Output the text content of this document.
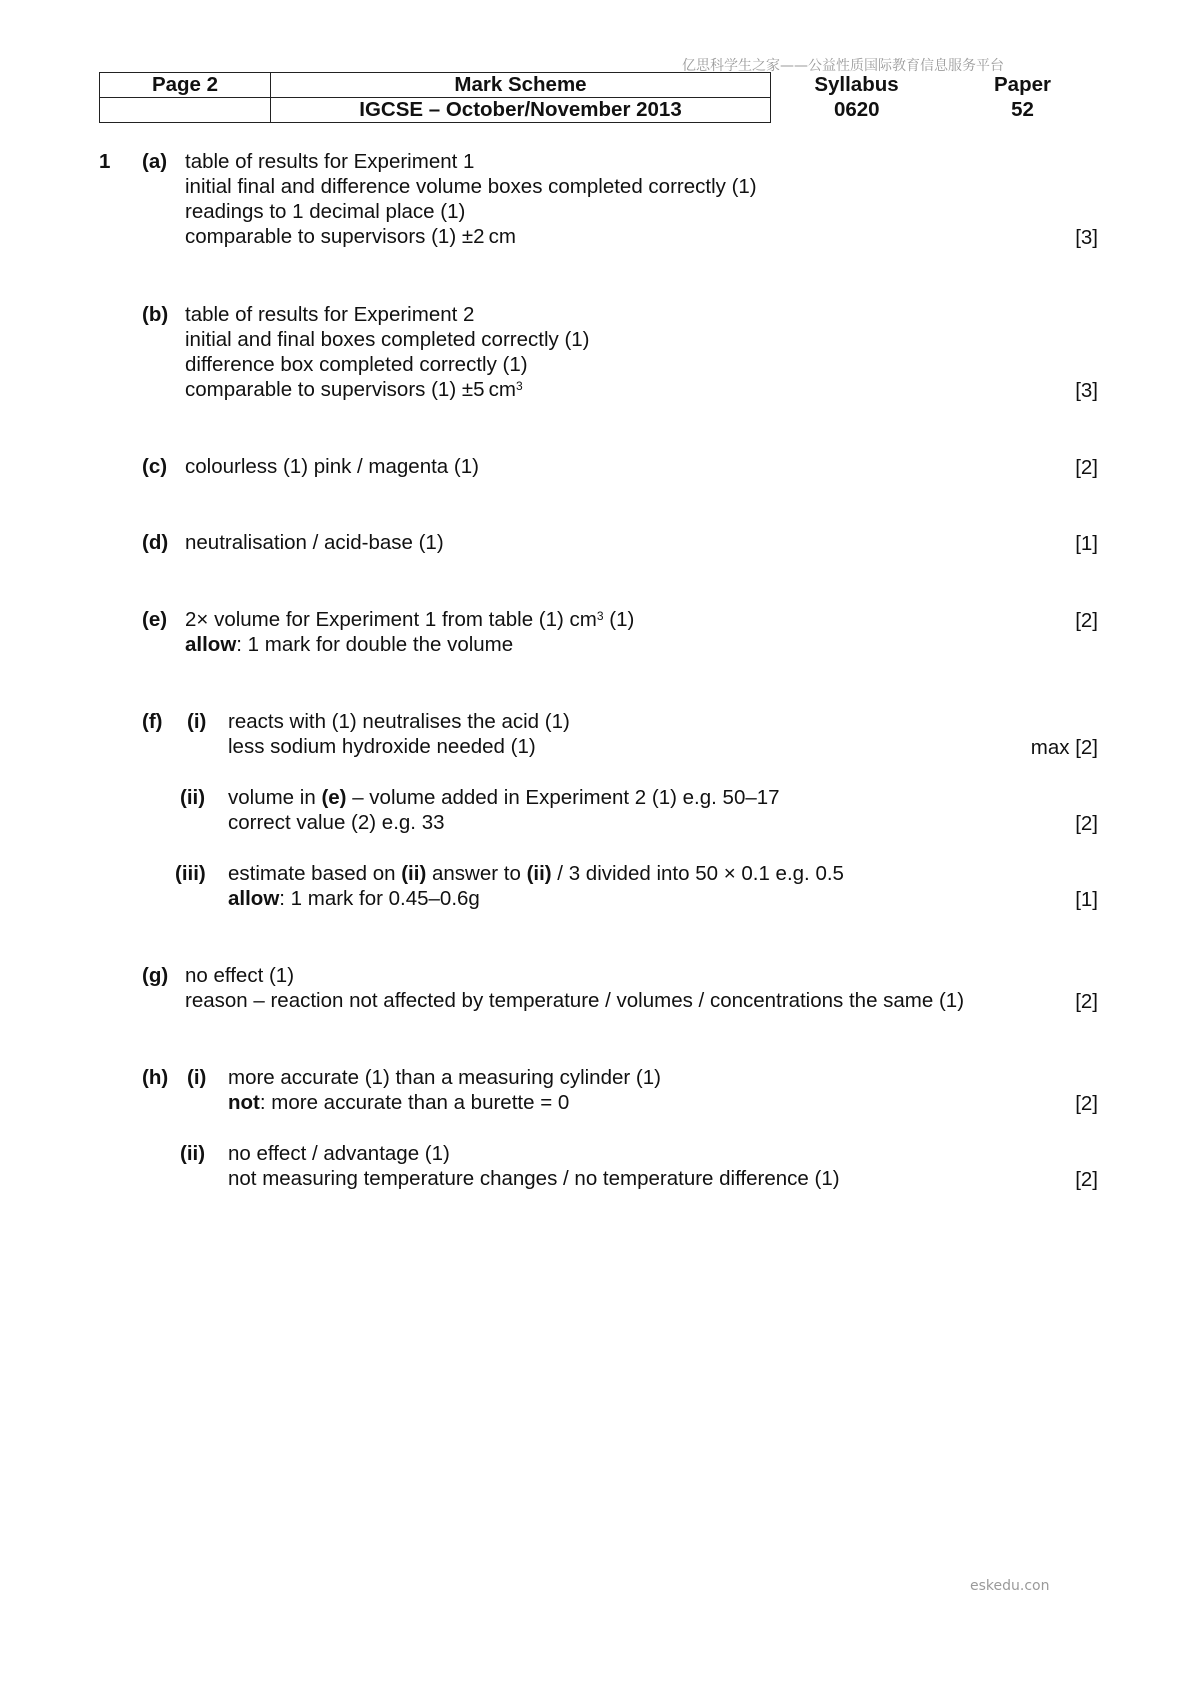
亿思科学生之家——公益性质国际教育信息服务平台
Page 2	Mark Scheme	Syllabus	Paper
	IGCSE – October/November 2013	0620	52
1 (a) table of results for Experiment 1
initial final and difference volume boxes completed correctly (1)
readings to 1 decimal place (1)
comparable to supervisors (1) ±2 cm	[3]
(b) table of results for Experiment 2
initial and final boxes completed correctly (1)
difference box completed correctly (1)
comparable to supervisors (1) ±5 $cm^3$	[3]
(c) colourless (1) pink / magenta (1)	[2]
(d) neutralisation / acid-base (1)	[1]
(e) 2× volume for Experiment 1 from table (1) $cm^3$ (1)
allow: 1 mark for double the volume
[2]
(f) (i) reacts with (1) neutralises the acid (1)
less sodium hydroxide needed (1)	max [2]
(ii) volume in (e) – volume added in Experiment 2 (1) e.g. 50–17
correct value (2) e.g. 33	[2]
(iii) estimate based on (ii) answer to (ii) / 3 divided into 50 × 0.1 e.g. 0.5
allow: 1 mark for 0.45–0.6g	[1]
(g) no effect (1)
reason – reaction not affected by temperature / volumes / concentrations the same (1)	[2]
(h) (i) more accurate (1) than a measuring cylinder (1)
not: more accurate than a burette = 0	[2]
(ii) no effect / advantage (1)
not measuring temperature changes / no temperature difference (1)	[2]
eskedu.con
